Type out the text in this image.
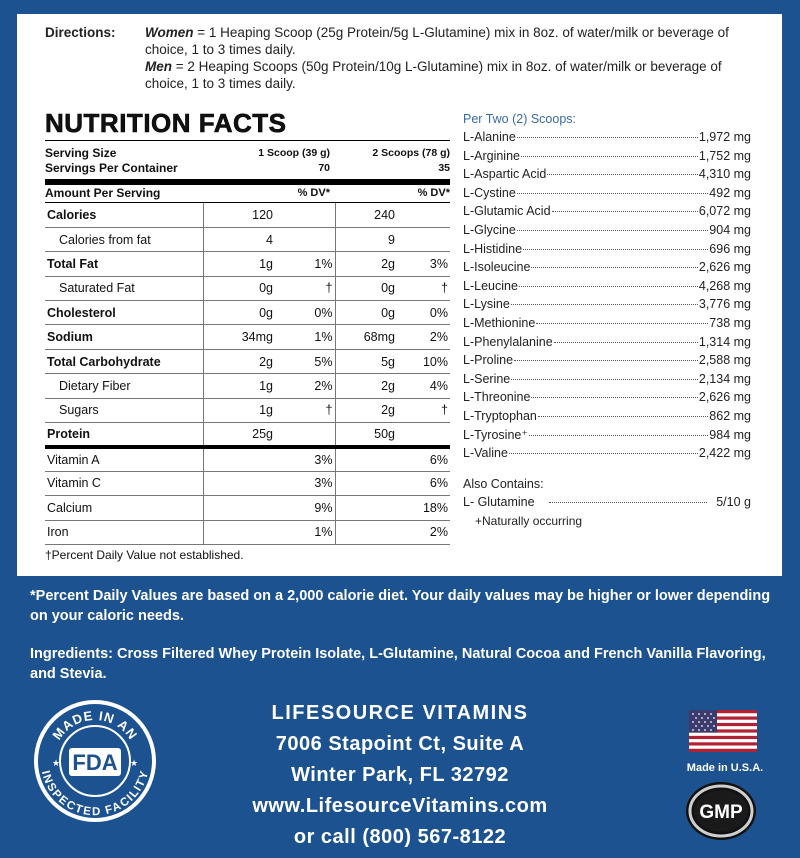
Directions:	Women = 1 Heaping Scoop (25g Protein/5g L-Glutamine) mix in 8oz. of water/milk or beverage of choice, 1 to 3 times daily.
Men = 2 Heaping Scoops (50g Protein/10g L-Glutamine) mix in 8oz. of water/milk or beverage of choice, 1 to 3 times daily.
NUTRITION FACTS
Serving Size	1 Scoop (39 g)	2 Scoops (78 g)
Servings Per Container	70	35
Amount Per Serving	% DV*	% DV*
Calories	120		240	
Calories from fat	4		9	
Total Fat	1g	1%	2g	3%
Saturated Fat	0g	†	0g	†
Cholesterol	0g	0%	0g	0%
Sodium	34mg	1%	68mg	2%
Total Carbohydrate	2g	5%	5g	10%
Dietary Fiber	1g	2%	2g	4%
Sugars	1g	†	2g	†
Protein	25g		50g	
Vitamin A		3%		6%
Vitamin C		3%		6%
Calcium		9%		18%
Iron		1%		2%
†Percent Daily Value not established.
Per Two (2) Scoops:
L-Alanine	1,972 mg
L-Arginine	1,752 mg
L-Aspartic Acid	4,310 mg
L-Cystine	492 mg
L-Glutamic Acid	6,072 mg
L-Glycine	904 mg
L-Histidine	696 mg
L-Isoleucine	2,626 mg
L-Leucine	4,268 mg
L-Lysine	3,776 mg
L-Methionine	738 mg
L-Phenylalanine	1,314 mg
L-Proline	2,588 mg
L-Serine	2,134 mg
L-Threonine	2,626 mg
L-Tryptophan	862 mg
L-Tyrosine⁺	984 mg
L-Valine	2,422 mg
Also Contains:
L- Glutamine	5/10 g
+Naturally occurring
*Percent Daily Values are based on a 2,000 calorie diet. Your daily values may be higher or lower depending on your caloric needs.
Ingredients: Cross Filtered Whey Protein Isolate, L-Glutamine, Natural Cocoa and French Vanilla Flavoring, and Stevia.
MADE IN AN
INSPECTED FACILITY
FDA
★	★
LIFESOURCE VITAMINS
7006 Stapoint Ct, Suite A
Winter Park, FL 32792
www.LifesourceVitamins.com
or call (800) 567-8122
Made in U.S.A.
GMP
